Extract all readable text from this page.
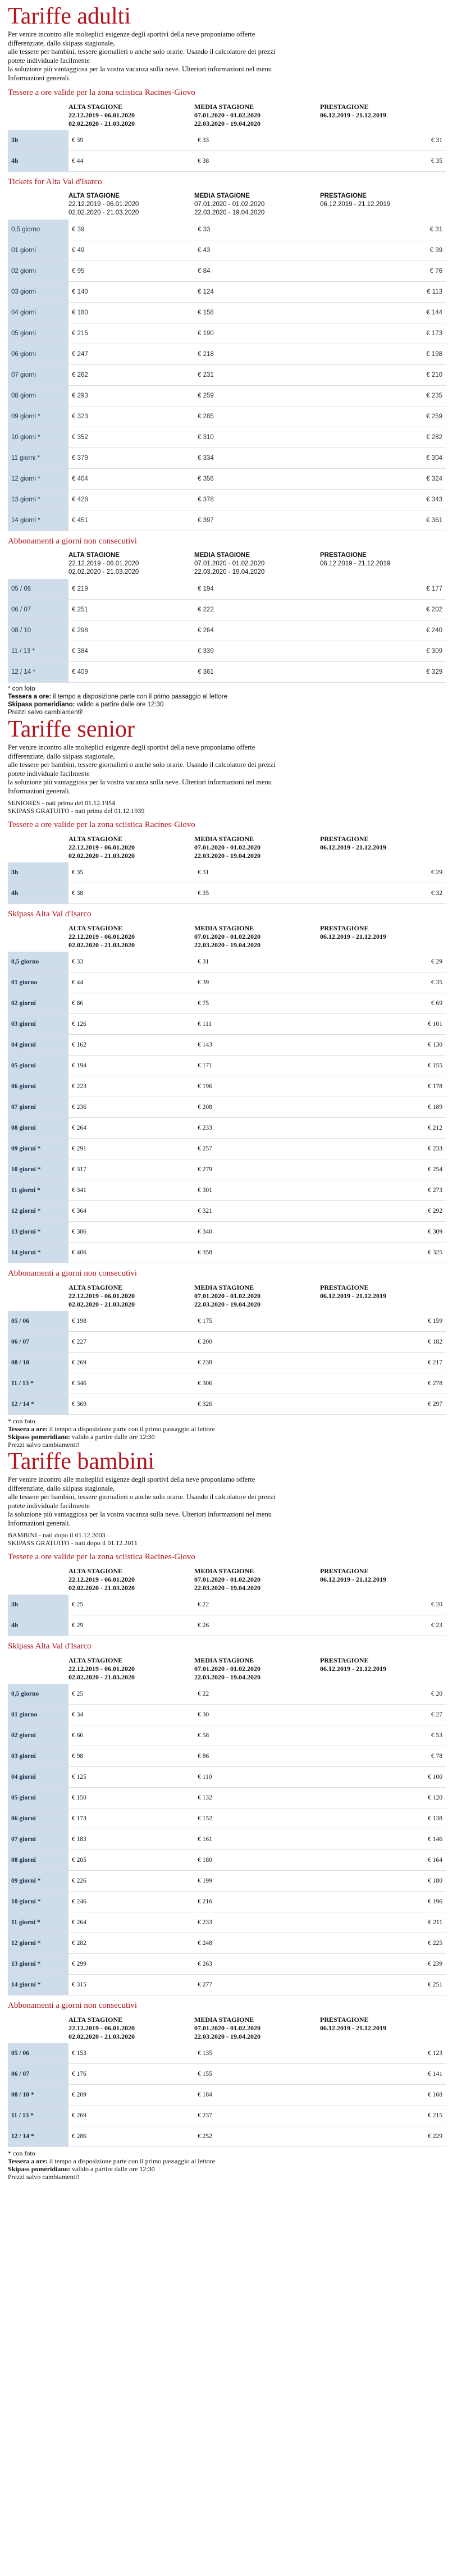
Tariffe adulti

Per venire incontro alle molteplici esigenze degli sportivi della neve proponiamo offerte

differenziate, dallo skipass stagionale,

alle tessere per bambini, tessere giornalieri o anche solo orarie. Usando il calcolatore dei prezzi

potete individuale facilmente

la soluzione più vantaggiosa per la vostra vacanza sulla neve. Ulteriori informazioni nel menu

Informazioni generali.

Tessere a ore valide per la zona sciistica Racines-Giovo
	ALTA STAGIONE
22.12.2019 - 06.01.2020
02.02.2020 - 21.03.2020	MEDIA STAGIONE
07.01.2020 - 01.02.2020
22.03.2020 - 19.04.2020	PRESTAGIONE
06.12.2019 - 21.12.2019
3h	€ 39	€ 33	€ 31
4h	€ 44	€ 38	€ 35
Tickets for Alta Val d'Isarco
	ALTA STAGIONE
22.12.2019 - 06.01.2020
02.02.2020 - 21.03.2020	MEDIA STAGIONE
07.01.2020 - 01.02.2020
22.03.2020 - 19.04.2020	PRESTAGIONE
06.12.2019 - 21.12.2019
0,5 giorno	€ 39	€ 33	€ 31
01 giorni	€ 49	€ 43	€ 39
02 giorni	€ 95	€ 84	€ 76
03 giorni	€ 140	€ 124	€ 113
04 giorni	€ 180	€ 158	€ 144
05 giorni	€ 215	€ 190	€ 173
06 giorni	€ 247	€ 218	€ 198
07 giorni	€ 262	€ 231	€ 210
08 giorni	€ 293	€ 259	€ 235
09 giorni *	€ 323	€ 285	€ 259
10 giorni *	€ 352	€ 310	€ 282
11 giorni *	€ 379	€ 334	€ 304
12 giorni *	€ 404	€ 356	€ 324
13 giorni *	€ 428	€ 378	€ 343
14 giorni *	€ 451	€ 397	€ 361
Abbonamenti a giorni non consecutivi
	ALTA STAGIONE
22.12.2019 - 06.01.2020
02.02.2020 - 21.03.2020	MEDIA STAGIONE
07.01.2020 - 01.02.2020
22.03.2020 - 19.04.2020	PRESTAGIONE
06.12.2019 - 21.12.2019
05 / 06	€ 219	€ 194	€ 177
06 / 07	€ 251	€ 222	€ 202
08 / 10	€ 298	€ 264	€ 240
11 / 13 *	€ 384	€ 339	€ 309
12 / 14 *	€ 409	€ 361	€ 329

* con foto

Tessera a ore: il tempo a disposizione parte con il primo passaggio al lettore

Skipass pomeridiano: valido a partire dalle ore 12:30

Prezzi salvo cambiamenti!

Tariffe senior

Per venire incontro alle molteplici esigenze degli sportivi della neve proponiamo offerte

differenziate, dallo skipass stagionale,

alle tessere per bambini, tessere giornalieri o anche solo orarie. Usando il calcolatore dei prezzi

potete individuale facilmente

la soluzione più vantaggiosa per la vostra vacanza sulla neve. Ulteriori informazioni nel menu

Informazioni generali.

SENIORES - nati prima del 01.12.1954
SKIPASS GRATUITO - nati prima del 01.12.1939
Tessere a ore valide per la zona sciistica Racines-Giovo
	ALTA STAGIONE
22.12.2019 - 06.01.2020
02.02.2020 - 21.03.2020	MEDIA STAGIONE
07.01.2020 - 01.02.2020
22.03.2020 - 19.04.2020	PRESTAGIONE
06.12.2019 - 21.12.2019
3h	€ 35	€ 31	€ 29
4h	€ 38	€ 35	€ 32
Skipass Alta Val d'Isarco
	ALTA STAGIONE
22.12.2019 - 06.01.2020
02.02.2020 - 21.03.2020	MEDIA STAGIONE
07.01.2020 - 01.02.2020
22.03.2020 - 19.04.2020	PRESTAGIONE
06.12.2019 - 21.12.2019
0,5 giorno	€ 33	€ 31	€ 29
01 giorno	€ 44	€ 39	€ 35
02 giorni	€ 86	€ 75	€ 69
03 giorni	€ 126	€ 111	€ 101
04 giorni	€ 162	€ 143	€ 130
05 giorni	€ 194	€ 171	€ 155
06 giorni	€ 223	€ 196	€ 178
07 giorni	€ 236	€ 208	€ 189
08 giorni	€ 264	€ 233	€ 212
09 giorni *	€ 291	€ 257	€ 233
10 giorni *	€ 317	€ 279	€ 254
11 giorni *	€ 341	€ 301	€ 273
12 giorni *	€ 364	€ 321	€ 292
13 giorni *	€ 386	€ 340	€ 309
14 giorni *	€ 406	€ 358	€ 325
Abbonamenti a giorni non consecutivi
	ALTA STAGIONE
22.12.2019 - 06.01.2020
02.02.2020 - 21.03.2020	MEDIA STAGIONE
07.01.2020 - 01.02.2020
22.03.2020 - 19.04.2020	PRESTAGIONE
06.12.2019 - 21.12.2019
05 / 06	€ 198	€ 175	€ 159
06 / 07	€ 227	€ 200	€ 182
08 / 10	€ 269	€ 238	€ 217
11 / 13 *	€ 346	€ 306	€ 278
12 / 14 *	€ 369	€ 326	€ 297

* con foto

Tessera a ore: il tempo a disposizione parte con il primo passaggio al lettore

Skipass pomeridiano: valido a partire dalle ore 12:30

Prezzi salvo cambiamenti!

Tariffe bambini

Per venire incontro alle molteplici esigenze degli sportivi della neve proponiamo offerte

differenziate, dallo skipass stagionale,

alle tessere per bambini, tessere giornalieri o anche solo orarie. Usando il calcolatore dei prezzi

potete individuale facilmente

la soluzione più vantaggiosa per la vostra vacanza sulla neve. Ulteriori informazioni nel menu

Informazioni generali.

BAMBINI - nati dopo il 01.12.2003
SKIPASS GRATUITO - nati dopo il 01.12.2011
Tessere a ore valide per la zona sciistica Racines-Giovo
	ALTA STAGIONE
22.12.2019 - 06.01.2020
02.02.2020 - 21.03.2020	MEDIA STAGIONE
07.01.2020 - 01.02.2020
22.03.2020 - 19.04.2020	PRESTAGIONE
06.12.2019 - 21.12.2019
3h	€ 25	€ 22	€ 20
4h	€ 29	€ 26	€ 23
Skipass Alta Val d'Isarco
	ALTA STAGIONE
22.12.2019 - 06.01.2020
02.02.2020 - 21.03.2020	MEDIA STAGIONE
07.01.2020 - 01.02.2020
22.03.2020 - 19.04.2020	PRESTAGIONE
06.12.2019 - 21.12.2019
0,5 giorno	€ 25	€ 22	€ 20
01 giorno	€ 34	€ 30	€ 27
02 giorni	€ 66	€ 58	€ 53
03 giorni	€ 98	€ 86	€ 78
04 giorni	€ 125	€ 110	€ 100
05 giorni	€ 150	€ 132	€ 120
06 giorni	€ 173	€ 152	€ 138
07 giorni	€ 183	€ 161	€ 146
08 giorni	€ 205	€ 180	€ 164
09 giorni *	€ 226	€ 199	€ 180
10 giorni *	€ 246	€ 216	€ 196
11 giorni *	€ 264	€ 233	€ 211
12 giorni *	€ 282	€ 248	€ 225
13 giorni *	€ 299	€ 263	€ 239
14 giorni *	€ 315	€ 277	€ 251
Abbonamenti a giorni non consecutivi
	ALTA STAGIONE
22.12.2019 - 06.01.2020
02.02.2020 - 21.03.2020	MEDIA STAGIONE
07.01.2020 - 01.02.2020
22.03.2020 - 19.04.2020	PRESTAGIONE
06.12.2019 - 21.12.2019
05 / 06	€ 153	€ 135	€ 123
06 / 07	€ 176	€ 155	€ 141
08 / 10 *	€ 209	€ 184	€ 168
11 / 13 *	€ 269	€ 237	€ 215
12 / 14 *	€ 286	€ 252	€ 229

* con foto

Tessera a ore: il tempo a disposizione parte con il primo passaggio al lettore

Skipass pomeridiano: valido a partire dalle ore 12:30

Prezzi salvo cambiamenti!
